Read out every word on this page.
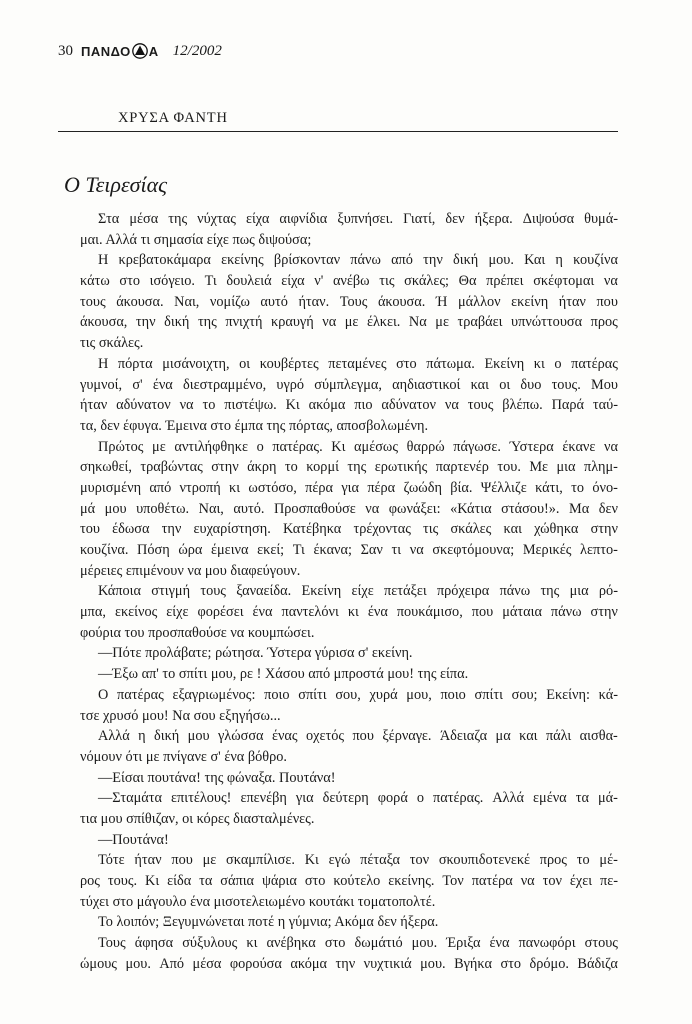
30 ΠΑΝΔΟ Α 12/2002
ΧΡΥΣΑ ΦΑΝΤΗ
Ο Τειρεσίας
Στα μέσα της νύχτας είχα αιφνίδια ξυπνήσει. Γιατί, δεν ήξερα. Διψούσα θυμά-
μαι. Αλλά τι σημασία είχε πως διψούσα;
Η κρεβατοκάμαρα εκείνης βρίσκονταν πάνω από την δική μου. Και η κουζίνα
κάτω στο ισόγειο. Τι δουλειά είχα ν' ανέβω τις σκάλες; Θα πρέπει σκέφτομαι να
τους άκουσα. Ναι, νομίζω αυτό ήταν. Τους άκουσα. Ή μάλλον εκείνη ήταν που
άκουσα, την δική της πνιχτή κραυγή να με έλκει. Να με τραβάει υπνώττουσα προς
τις σκάλες.
Η πόρτα μισάνοιχτη, οι κουβέρτες πεταμένες στο πάτωμα. Εκείνη κι ο πατέρας
γυμνοί, σ' ένα διεστραμμένο, υγρό σύμπλεγμα, αηδιαστικοί και οι δυο τους. Μου
ήταν αδύνατον να το πιστέψω. Κι ακόμα πιο αδύνατον να τους βλέπω. Παρά ταύ-
τα, δεν έφυγα. Έμεινα στο έμπα της πόρτας, αποσβολωμένη.
Πρώτος με αντιλήφθηκε ο πατέρας. Κι αμέσως θαρρώ πάγωσε. Ύστερα έκανε να
σηκωθεί, τραβώντας στην άκρη το κορμί της ερωτικής παρτενέρ του. Με μια πλημ-
μυρισμένη από ντροπή κι ωστόσο, πέρα για πέρα ζωώδη βία. Ψέλλιζε κάτι, το όνο-
μά μου υποθέτω. Ναι, αυτό. Προσπαθούσε να φωνάξει: «Κάτια στάσου!». Μα δεν
του έδωσα την ευχαρίστηση. Κατέβηκα τρέχοντας τις σκάλες και χώθηκα στην
κουζίνα. Πόση ώρα έμεινα εκεί; Τι έκανα; Σαν τι να σκεφτόμουνα; Μερικές λεπτο-
μέρειες επιμένουν να μου διαφεύγουν.
Κάποια στιγμή τους ξαναείδα. Εκείνη είχε πετάξει πρόχειρα πάνω της μια ρό-
μπα, εκείνος είχε φορέσει ένα παντελόνι κι ένα πουκάμισο, που μάταια πάνω στην
φούρια του προσπαθούσε να κουμπώσει.
—Πότε προλάβατε; ρώτησα. Ύστερα γύρισα σ' εκείνη.
—Έξω απ' το σπίτι μου, ρε ! Χάσου από μπροστά μου! της είπα.
Ο πατέρας εξαγριωμένος: ποιο σπίτι σου, χυρά μου, ποιο σπίτι σου; Εκείνη: κά-
τσε χρυσό μου! Να σου εξηγήσω...
Αλλά η δική μου γλώσσα ένας οχετός που ξέρναγε. Άδειαζα μα και πάλι αισθα-
νόμουν ότι με πνίγανε σ' ένα βόθρο.
—Είσαι πουτάνα! της φώναξα. Πουτάνα!
—Σταμάτα επιτέλους! επενέβη για δεύτερη φορά ο πατέρας. Αλλά εμένα τα μά-
τια μου σπίθιζαν, οι κόρες διασταλμένες.
—Πουτάνα!
Τότε ήταν που με σκαμπίλισε. Κι εγώ πέταξα τον σκουπιδοτενεκέ προς το μέ-
ρος τους. Κι είδα τα σάπια ψάρια στο κούτελο εκείνης. Τον πατέρα να τον έχει πε-
τύχει στο μάγουλο ένα μισοτελειωμένο κουτάκι τοματοπολτέ.
Το λοιπόν; Ξεγυμνώνεται ποτέ η γύμνια; Ακόμα δεν ήξερα.
Τους άφησα σύξυλους κι ανέβηκα στο δωμάτιό μου. Έριξα ένα πανωφόρι στους
ώμους μου. Από μέσα φορούσα ακόμα την νυχτικιά μου. Βγήκα στο δρόμο. Βάδιζα
